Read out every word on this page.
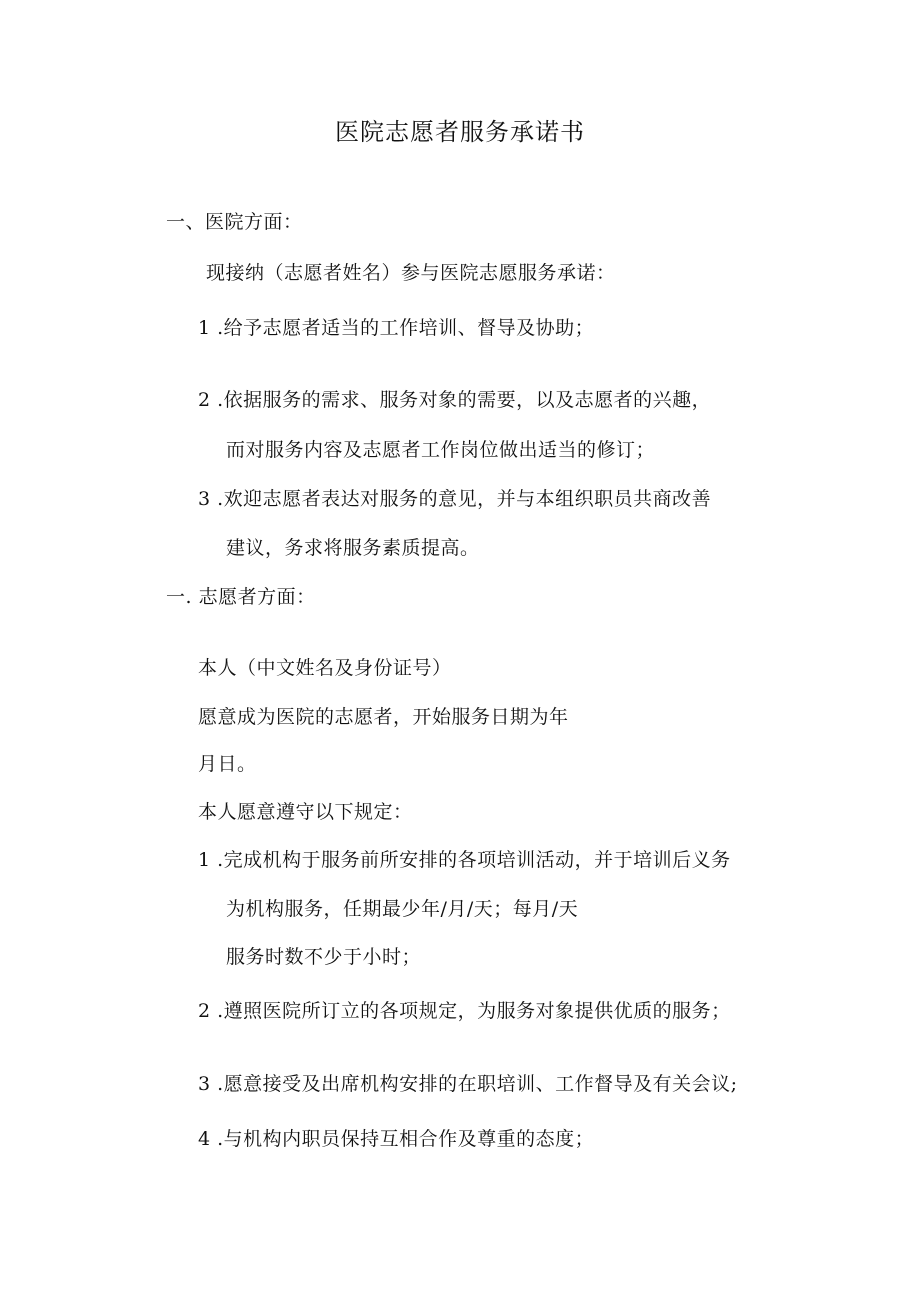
医院志愿者服务承诺书
一、医院方面：
现接纳（志愿者姓名）参与医院志愿服务承诺：
1 .给予志愿者适当的工作培训、督导及协助；
2 .依据服务的需求、服务对象的需要，以及志愿者的兴趣，
而对服务内容及志愿者工作岗位做出适当的修订；
3 .欢迎志愿者表达对服务的意见，并与本组织职员共商改善
建议，务求将服务素质提高。
一. 志愿者方面：
本人（中文姓名及身份证号）
愿意成为医院的志愿者，开始服务日期为年
月日。
本人愿意遵守以下规定：
1 .完成机构于服务前所安排的各项培训活动，并于培训后义务
为机构服务，任期最少年/月/天；每月/天
服务时数不少于小时；
2 .遵照医院所订立的各项规定，为服务对象提供优质的服务；
3 .愿意接受及出席机构安排的在职培训、工作督导及有关会议;
4 .与机构内职员保持互相合作及尊重的态度；
